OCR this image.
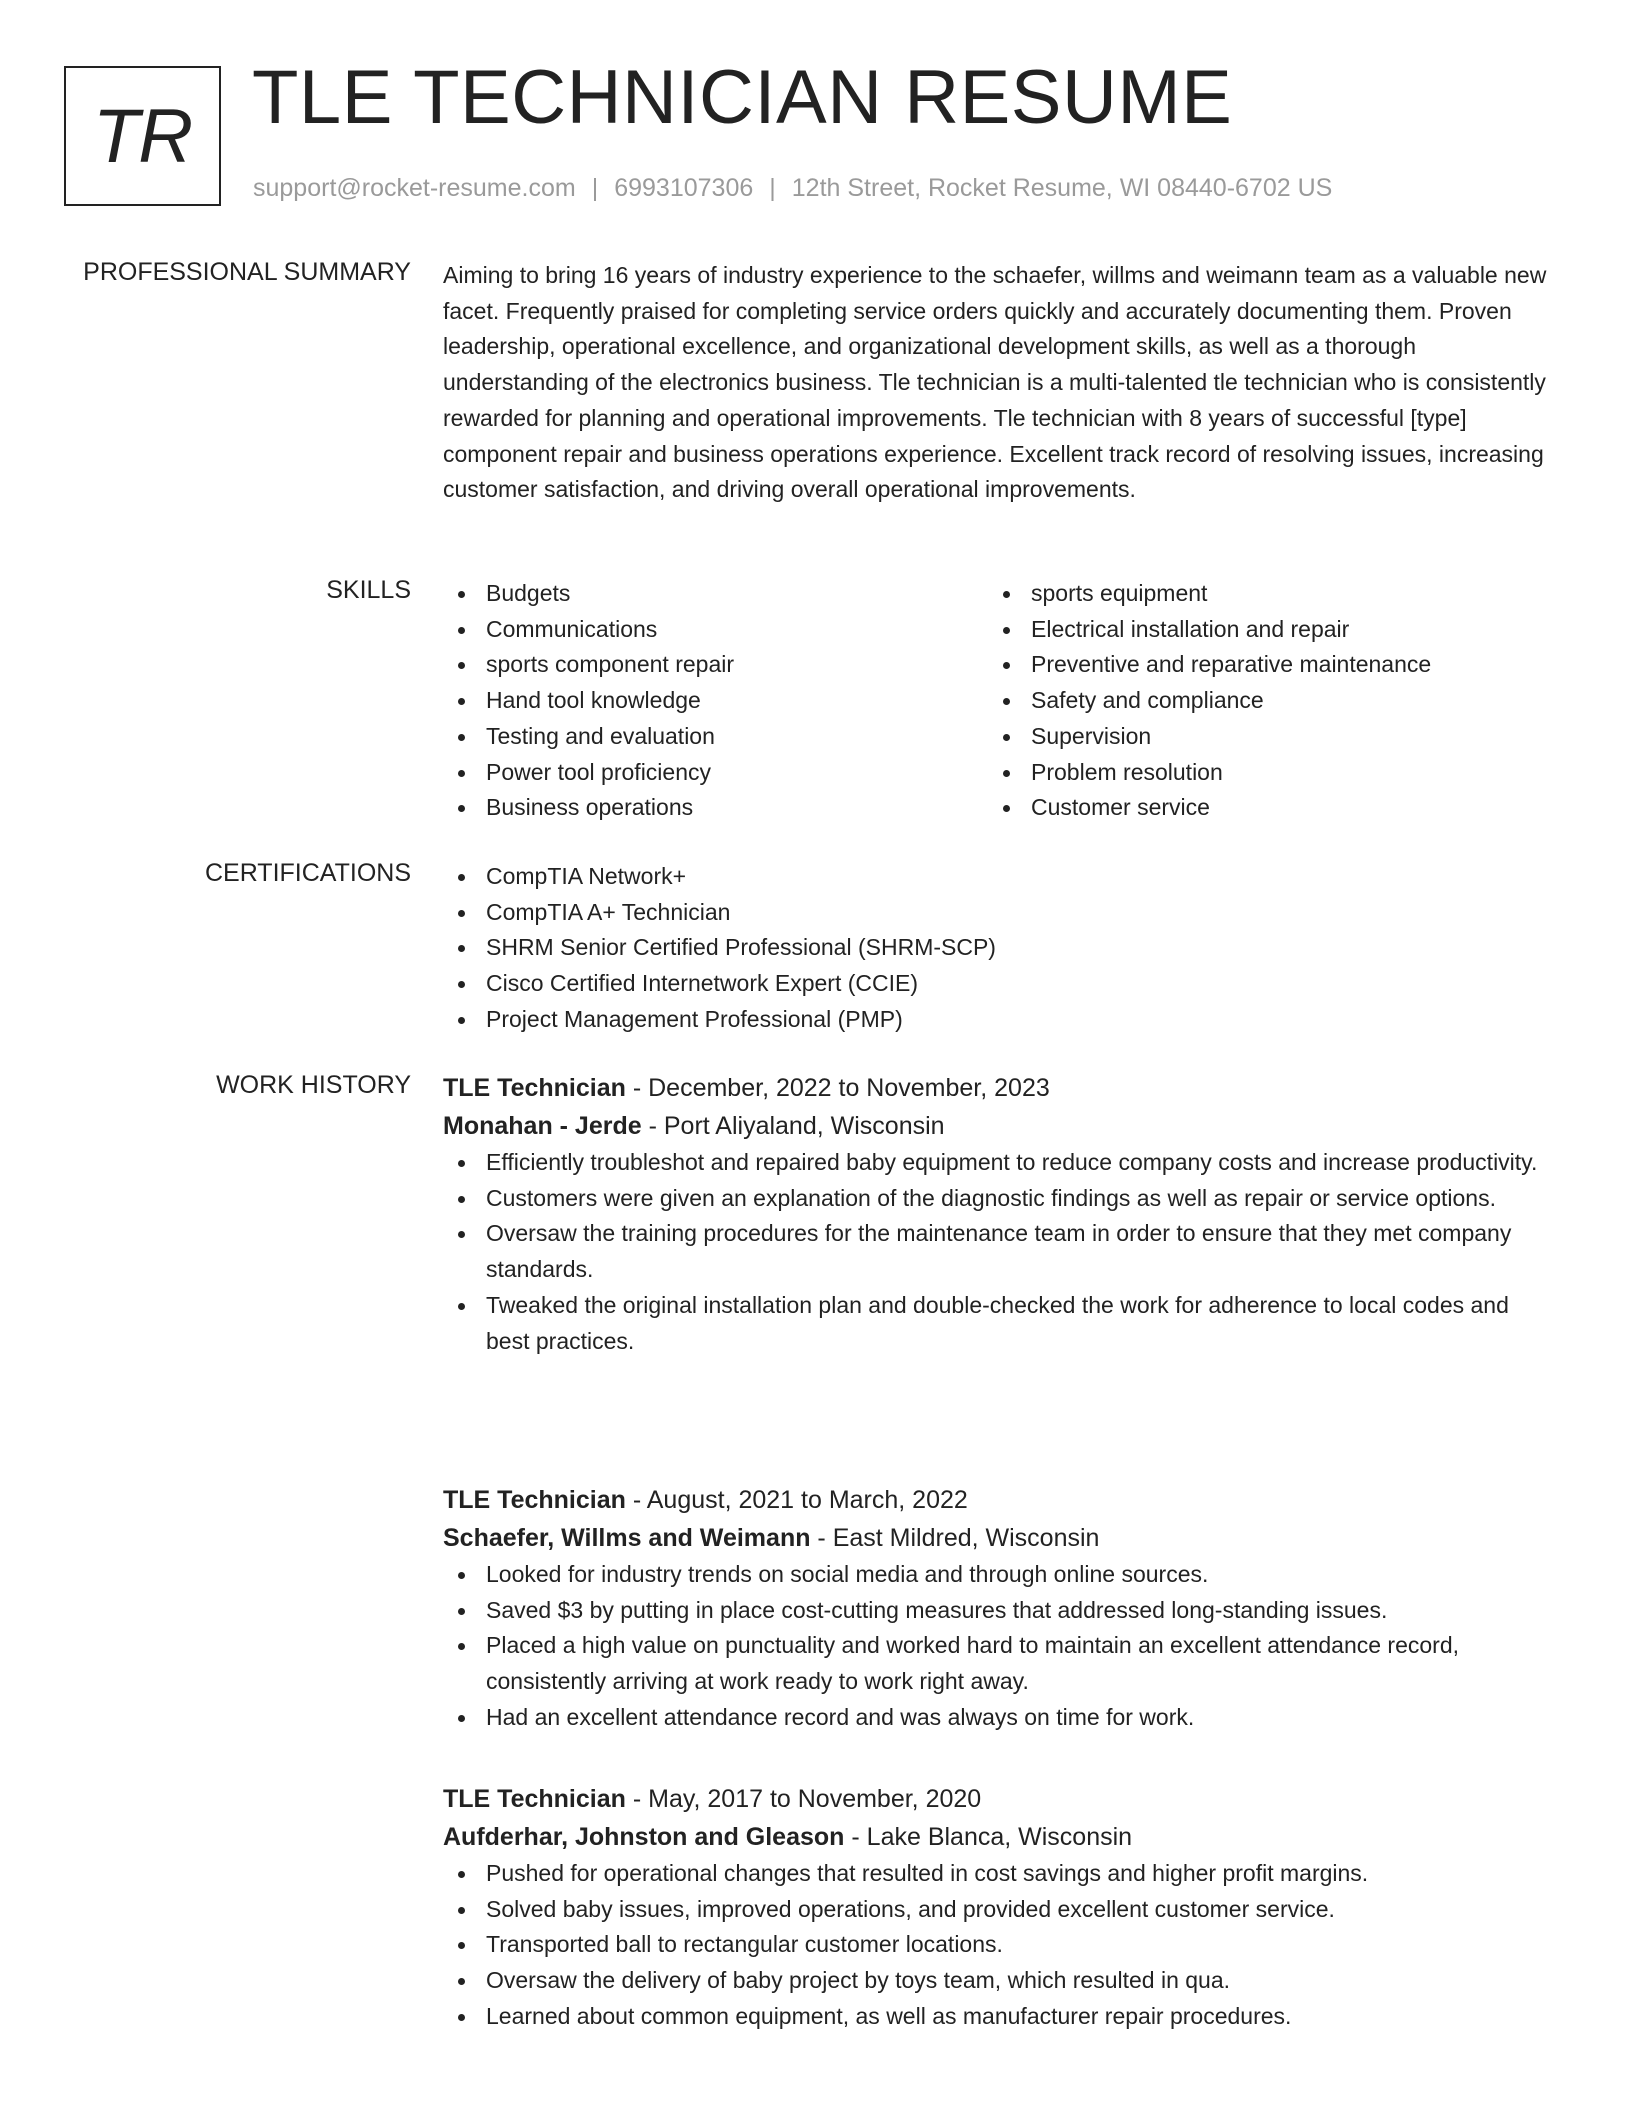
TR TLE TECHNICIAN RESUME
support@rocket-resume.com | 6993107306 | 12th Street, Rocket Resume, WI 08440-6702 US
PROFESSIONAL SUMMARY Aiming to bring 16 years of industry experience to the schaefer, willms and weimann team as a valuable new facet. Frequently praised for completing service orders quickly and accurately documenting them. Proven leadership, operational excellence, and organizational development skills, as well as a thorough understanding of the electronics business. Tle technician is a multi-talented tle technician who is consistently rewarded for planning and operational improvements. Tle technician with 8 years of successful [type] component repair and business operations experience. Excellent track record of resolving issues, increasing customer satisfaction, and driving overall operational improvements.

SKILLS	Budgets
Communications
sports component repair
Hand tool knowledge
Testing and evaluation
Power tool proficiency
Business operations
sports equipment
Electrical installation and repair
Preventive and reparative maintenance
Safety and compliance
Supervision
Problem resolution
Customer service
CERTIFICATIONS	CompTIA Network+
CompTIA A+ Technician
SHRM Senior Certified Professional (SHRM-SCP)
Cisco Certified Internetwork Expert (CCIE)
Project Management Professional (PMP)
WORK HISTORY TLE Technician - December, 2022 to November, 2023
Monahan - Jerde - Port Aliyaland, Wisconsin
Efficiently troubleshot and repaired baby equipment to reduce company costs and increase productivity.
Customers were given an explanation of the diagnostic findings as well as repair or service options.
Oversaw the training procedures for the maintenance team in order to ensure that they met company standards.
Tweaked the original installation plan and double-checked the work for adherence to local codes and best practices.
TLE Technician - August, 2021 to March, 2022
Schaefer, Willms and Weimann - East Mildred, Wisconsin
Looked for industry trends on social media and through online sources.
Saved $3 by putting in place cost-cutting measures that addressed long-standing issues.
Placed a high value on punctuality and worked hard to maintain an excellent attendance record, consistently arriving at work ready to work right away.
Had an excellent attendance record and was always on time for work.
TLE Technician - May, 2017 to November, 2020
Aufderhar, Johnston and Gleason - Lake Blanca, Wisconsin
Pushed for operational changes that resulted in cost savings and higher profit margins.
Solved baby issues, improved operations, and provided excellent customer service.
Transported ball to rectangular customer locations.
Oversaw the delivery of baby project by toys team, which resulted in qua.
Learned about common equipment, as well as manufacturer repair procedures.
